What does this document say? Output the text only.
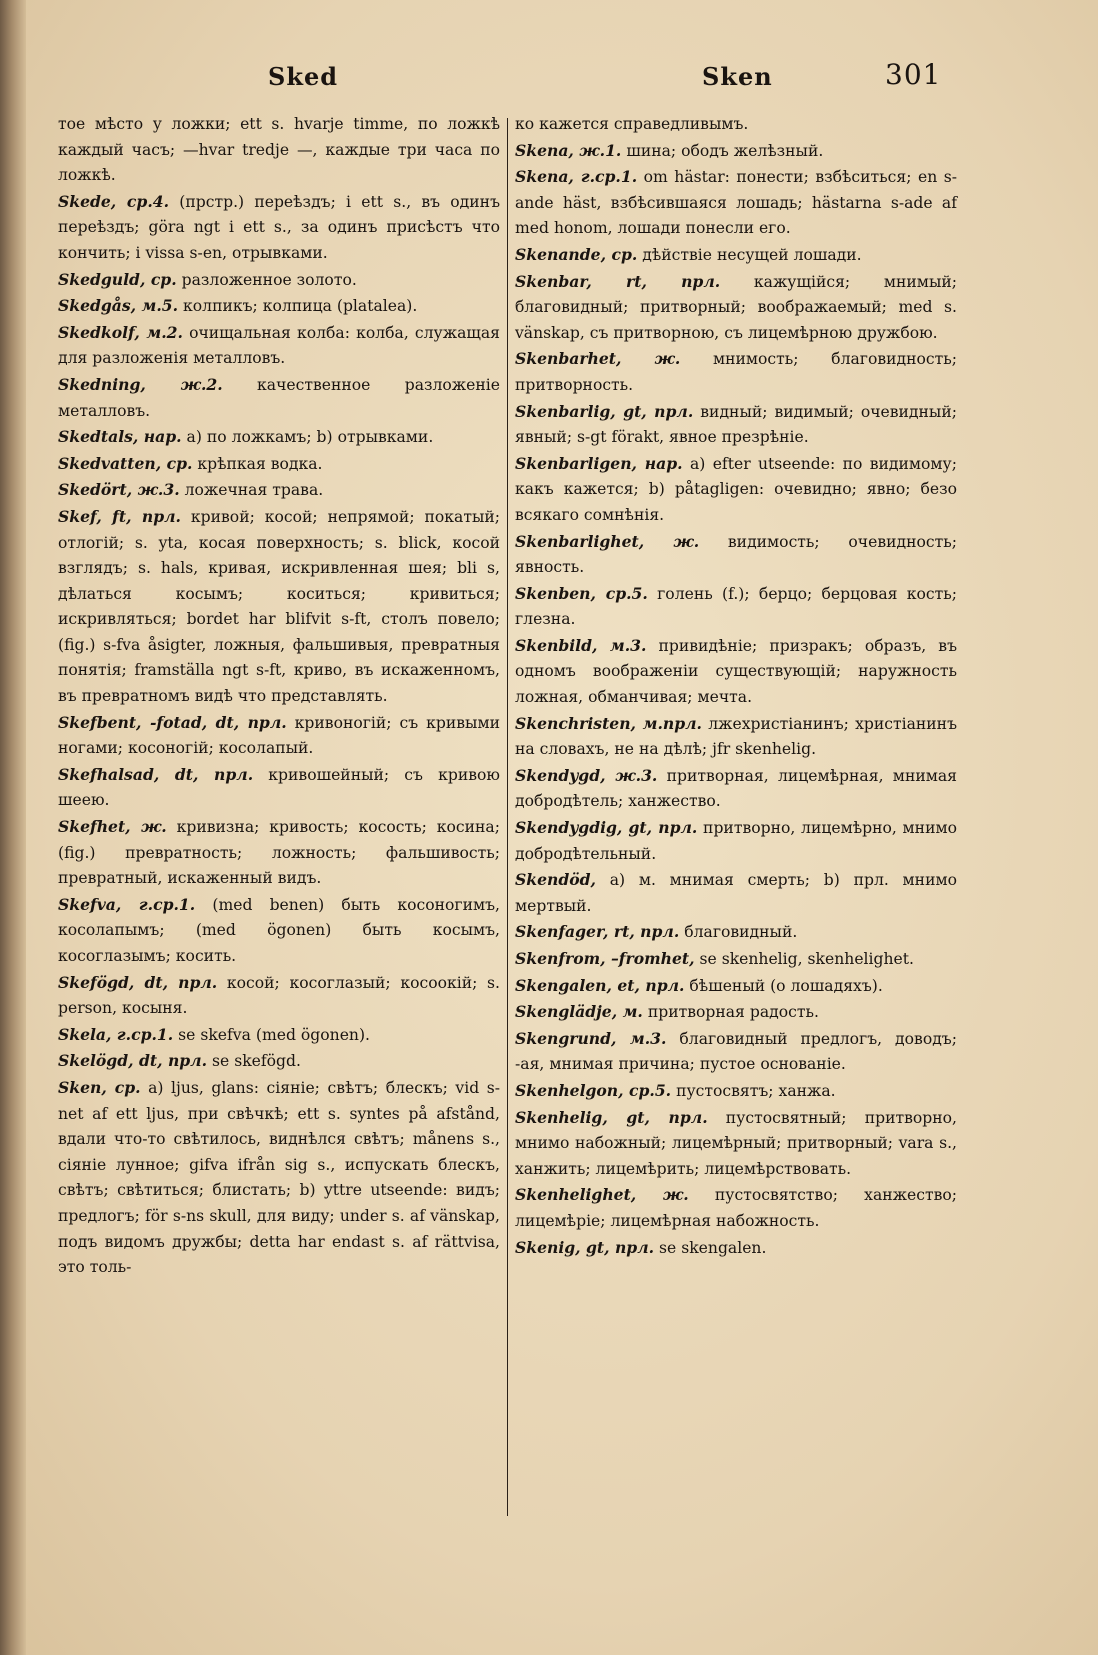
Sked	Sken	301

тое мѣсто у ложки; ett s. hvarje timme, по ложкѣ каждый часъ; —hvar tredje —, каждые три часа по ложкѣ.

Skede, ср.4. (прстр.) переѣздъ; i ett s., въ одинъ переѣздъ; göra ngt i ett s., за одинъ присѣстъ что кончить; i vissa s-en, отрывками.

Skedguld, ср. разложенное золото.

Skedgås, м.5. колпикъ; колпица (platalea).

Skedkolf, м.2. очищальная колба: колба, служащая для разложенія металловъ.

Skedning, ж.2. качественное разложеніе металловъ.

Skedtals, нар. а) по ложкамъ; b) отрывками.

Skedvatten, ср. крѣпкая водка.

Skedört, ж.3. ложечная трава.

Skef, ft, прл. кривой; косой; непрямой; покатый; отлогій; s. yta, косая поверхность; s. blick, косой взглядъ; s. hals, кривая, искривленная шея; bli s, дѣлаться косымъ; коситься; кривиться; искривляться; bordet har blifvit s-ft, столъ повело; (fig.) s-fva åsigter, ложныя, фальшивыя, превратныя понятія; framställa ngt s-ft, криво, въ искаженномъ, въ превратномъ видѣ что представлять.

Skefbent, -fotad, dt, прл. кривоногій; съ кривыми ногами; косоногій; косолапый.

Skefhalsad, dt, прл. кривошейный; съ кривою шеею.

Skefhet, ж. кривизна; кривость; косость; косина; (fig.) превратность; ложность; фальшивость; превратный, искаженный видъ.

Skefva, г.ср.1. (med benen) быть косоногимъ, косолапымъ; (med ögonen) быть косымъ, косоглазымъ; косить.

Skefögd, dt, прл. косой; косоглазый; косоокій; s. person, косыня.

Skela, г.ср.1. se skefva (med ögonen).

Skelögd, dt, прл. se skefögd.

Sken, ср. а) ljus, glans: сіяніе; свѣтъ; блескъ; vid s-net af ett ljus, при свѣчкѣ; ett s. syntes på afstånd, вдали что-то свѣтилось, виднѣлся свѣтъ; månens s., сіяніе лунное; gifva ifrån sig s., испускать блескъ, свѣтъ; свѣтиться; блистать; b) yttre utseende: видъ; предлогъ; för s-ns skull, для виду; under s. af vänskap, подъ видомъ дружбы; detta har endast s. af rättvisa, это толь-

ко кажется справедливымъ.

Skena, ж.1. шина; ободъ желѣзный.

Skena, г.ср.1. om hästar: понести; взбѣситься; en s-ande häst, взбѣсившаяся лошадь; hästarna s-ade af med honom, лошади понесли его.

Skenande, ср. дѣйствіе несущей лошади.

Skenbar, rt, прл. кажущійся; мнимый; благовидный; притворный; воображаемый; med s. vänskap, съ притворною, съ лицемѣрною дружбою.

Skenbarhet, ж. мнимость; благовидность; притворность.

Skenbarlig, gt, прл. видный; видимый; очевидный; явный; s-gt förakt, явное презрѣніе.

Skenbarligen, нар. а) efter utseende: по видимому; какъ кажется; b) påtagligen: очевидно; явно; безо всякаго сомнѣнія.

Skenbarlighet, ж. видимость; очевидность; явность.

Skenben, ср.5. голень (f.); берцо; берцовая кость; глезна.

Skenbild, м.3. привидѣніе; призракъ; образъ, въ одномъ воображеніи существующій; наружность ложная, обманчивая; мечта.

Skenchristen, м.прл. лжехристіанинъ; христіанинъ на словахъ, не на дѣлѣ; jfr skenhelig.

Skendygd, ж.3. притворная, лицемѣрная, мнимая добродѣтель; ханжество.

Skendygdig, gt, прл. притворно, лицемѣрно, мнимо добродѣтельный.

Skendöd, а) м. мнимая смерть; b) прл. мнимо мертвый.

Skenfager, rt, прл. благовидный.

Skenfrom, –fromhet, se skenhelig, skenhelighet.

Skengalen, et, прл. бѣшеный (о лошадяхъ).

Skenglädje, м. притворная радость.

Skengrund, м.3. благовидный предлогъ, доводъ; -ая, мнимая причина; пустое основаніе.

Skenhelgon, ср.5. пустосвятъ; ханжа.

Skenhelig, gt, прл. пустосвятный; притворно, мнимо набожный; лицемѣрный; притворный; vara s., ханжить; лицемѣрить; лицемѣрствовать.

Skenhelighet, ж. пустосвятство; ханжество; лицемѣріе; лицемѣрная набожность.

Skenig, gt, прл. se skengalen.
